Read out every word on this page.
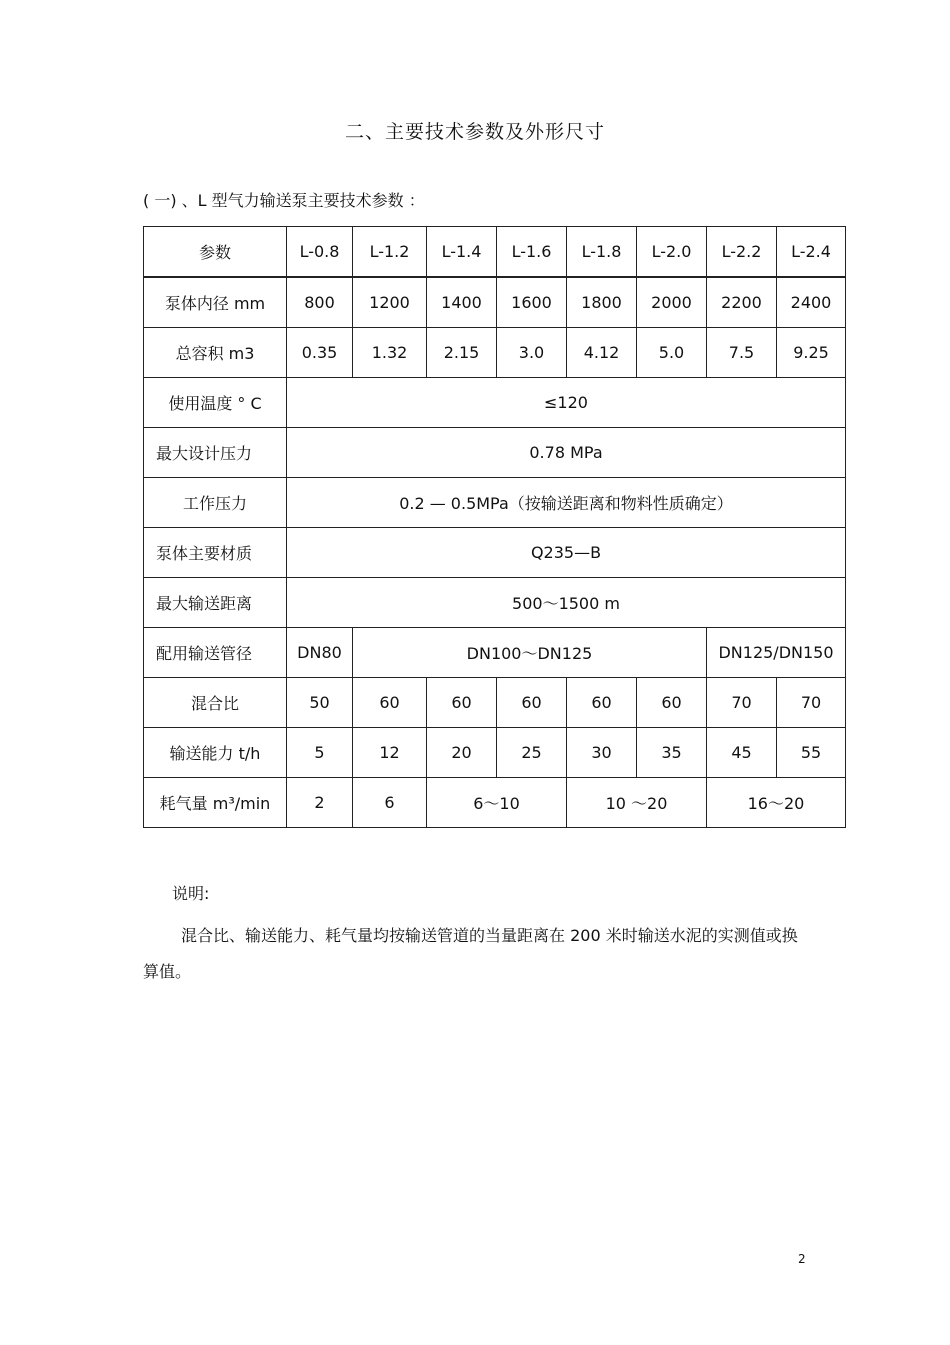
二、主要技术参数及外形尺寸
( 一) 、L 型气力输送泵主要技术参数 ：
参数	L-0.8	L-1.2	L-1.4	L-1.6	L-1.8	L-2.0	L-2.2	L-2.4
泵体内径 mm	800	1200	1400	1600	1800	2000	2200	2400
总容积 m3	0.35	1.32	2.15	3.0	4.12	5.0	7.5	9.25
使用温度 ° C	≤120							
最大设计压力	0.78 MPa							
工作压力	0.2 — 0.5MPa（按输送距离和物料性质确定）							
泵体主要材质	Q235—B							
最大输送距离	500～1500 m							
配用输送管径	DN80	DN100～DN125					DN125/DN150	
混合比	50	60	60	60	60	60	70	70
输送能力 t/h	5	12	20	25	30	35	45	55
耗气量 m³/min	2	6	6～10		10 ～20		16～20	
说明:
混合比、输送能力、耗气量均按输送管道的当量距离在 200 米时输送水泥的实测值或换算值。
2
